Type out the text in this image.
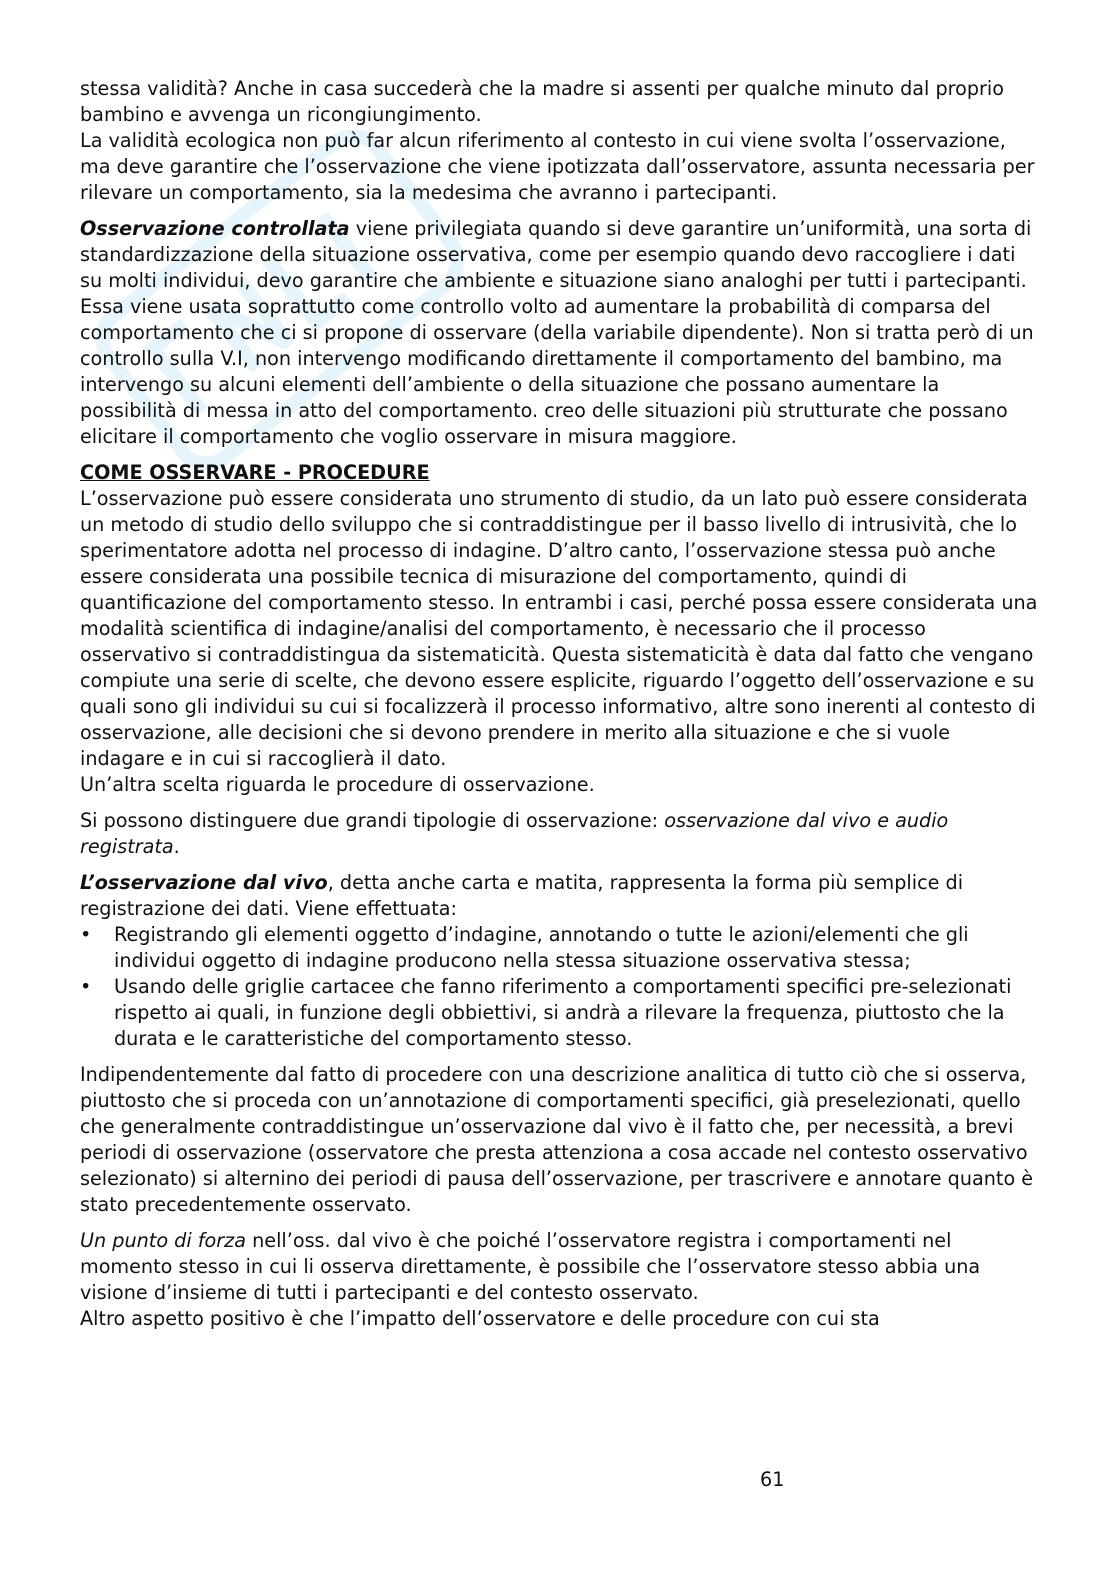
stessa validità? Anche in casa succederà che la madre si assenti per qualche minuto dal proprio bambino e avvenga un ricongiungimento.

La validità ecologica non può far alcun riferimento al contesto in cui viene svolta l’osservazione, ma deve garantire che l’osservazione che viene ipotizzata dall’osservatore, assunta necessaria per rilevare un comportamento, sia la medesima che avranno i partecipanti.

Osservazione controllata viene privilegiata quando si deve garantire un’uniformità, una sorta di standardizzazione della situazione osservativa, come per esempio quando devo raccogliere i dati su molti individui, devo garantire che ambiente e situazione siano analoghi per tutti i partecipanti.

Essa viene usata soprattutto come controllo volto ad aumentare la probabilità di comparsa del comportamento che ci si propone di osservare (della variabile dipendente). Non si tratta però di un controllo sulla V.I, non intervengo modificando direttamente il comportamento del bambino, ma intervengo su alcuni elementi dell’ambiente o della situazione che possano aumentare la possibilità di messa in atto del comportamento. creo delle situazioni più strutturate che possano elicitare il comportamento che voglio osservare in misura maggiore.

COME OSSERVARE - PROCEDURE

L’osservazione può essere considerata uno strumento di studio, da un lato può essere considerata un metodo di studio dello sviluppo che si contraddistingue per il basso livello di intrusività, che lo sperimentatore adotta nel processo di indagine. D’altro canto, l’osservazione stessa può anche essere considerata una possibile tecnica di misurazione del comportamento, quindi di quantificazione del comportamento stesso. In entrambi i casi, perché possa essere considerata una modalità scientifica di indagine/analisi del comportamento, è necessario che il processo osservativo si contraddistingua da sistematicità. Questa sistematicità è data dal fatto che vengano compiute una serie di scelte, che devono essere esplicite, riguardo l’oggetto dell’osservazione e su quali sono gli individui su cui si focalizzerà il processo informativo, altre sono inerenti al contesto di osservazione, alle decisioni che si devono prendere in merito alla situazione e che si vuole indagare e in cui si raccoglierà il dato.

Un’altra scelta riguarda le procedure di osservazione.

Si possono distinguere due grandi tipologie di osservazione: osservazione dal vivo e audio registrata.

L’osservazione dal vivo, detta anche carta e matita, rappresenta la forma più semplice di registrazione dei dati. Viene effettuata:

• Registrando gli elementi oggetto d’indagine, annotando o tutte le azioni/elementi che gli individui oggetto di indagine producono nella stessa situazione osservativa stessa;
• Usando delle griglie cartacee che fanno riferimento a comportamenti specifici pre-selezionati rispetto ai quali, in funzione degli obbiettivi, si andrà a rilevare la frequenza, piuttosto che la durata e le caratteristiche del comportamento stesso.

Indipendentemente dal fatto di procedere con una descrizione analitica di tutto ciò che si osserva, piuttosto che si proceda con un’annotazione di comportamenti specifici, già preselezionati, quello che generalmente contraddistingue un’osservazione dal vivo è il fatto che, per necessità, a brevi periodi di osservazione (osservatore che presta attenziona a cosa accade nel contesto osservativo selezionato) si alternino dei periodi di pausa dell’osservazione, per trascrivere e annotare quanto è stato precedentemente osservato.

Un punto di forza nell’oss. dal vivo è che poiché l’osservatore registra i comportamenti nel momento stesso in cui li osserva direttamente, è possibile che l’osservatore stesso abbia una visione d’insieme di tutti i partecipanti e del contesto osservato.

Altro aspetto positivo è che l’impatto dell’osservatore e delle procedure con cui sta

61
